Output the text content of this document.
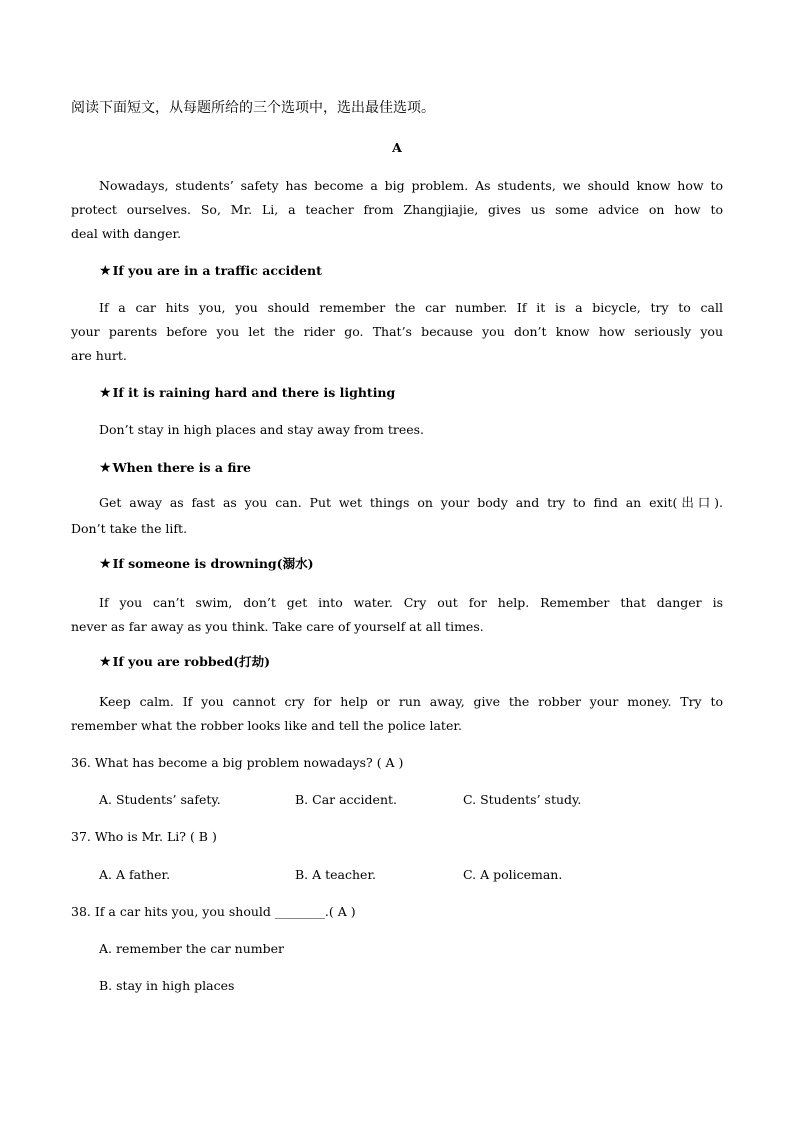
阅读下面短文，从每题所给的三个选项中，选出最佳选项。
A
Nowadays, students’ safety has become a big problem. As students, we should know how to
protect ourselves. So, Mr. Li, a teacher from Zhangjiajie, gives us some advice on how to
deal with danger.
★If you are in a traffic accident
If a car hits you, you should remember the car number. If it is a bicycle, try to call
your parents before you let the rider go. That’s because you don’t know how seriously you
are hurt.
★If it is raining hard and there is lighting
Don’t stay in high places and stay away from trees.
★When there is a fire
Get away as fast as you can. Put wet things on your body and try to find an exit(出口).
Don’t take the lift.
★If someone is drowning(溺水)
If you can’t swim, don’t get into water. Cry out for help. Remember that danger is
never as far away as you think. Take care of yourself at all times.
★If you are robbed(打劫)
Keep calm. If you cannot cry for help or run away, give the robber your money. Try to
remember what the robber looks like and tell the police later.
36. What has become a big problem nowadays? ( A )
A. Students’ safety.	B. Car accident.	C. Students’ study.
37. Who is Mr. Li? ( B )
A. A father.	B. A teacher.	C. A policeman.
38. If a car hits you, you should ________.( A )
A. remember the car number
B. stay in high places
